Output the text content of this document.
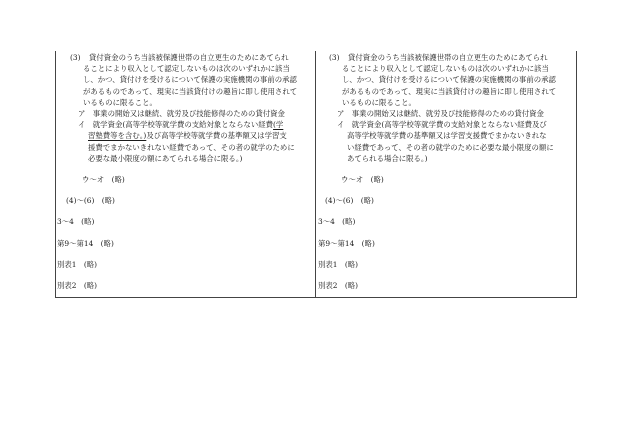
(3) 貸付資金のうち当該被保護世帯の自立更生のためにあてられ
ることにより収入として認定しないものは次のいずれかに該当
し、かつ、貸付けを受けるについて保護の実施機関の事前の承認
があるものであって、現実に当該貸付けの趣旨に即し使用されて
いるものに限ること。
ア　事業の開始又は継続、就労及び技能修得のための貸付資金
イ　就学資金(高等学校等就学費の支給対象とならない経費(学
習塾費等を含む。)及び高等学校等就学費の基準額又は学習支
援費でまかないきれない経費であって、その者の就学のために
必要な最小限度の額にあてられる場合に限る。)
ウ～オ　(略)
(4)～(6)　(略)
3～4　(略)
第9～第14　(略)
別表1　(略)
別表2　(略)
(3) 貸付資金のうち当該被保護世帯の自立更生のためにあてられ
ることにより収入として認定しないものは次のいずれかに該当
し、かつ、貸付けを受けるについて保護の実施機関の事前の承認
があるものであって、現実に当該貸付けの趣旨に即し使用されて
いるものに限ること。
ア　事業の開始又は継続、就労及び技能修得のための貸付資金
イ　就学資金(高等学校等就学費の支給対象とならない経費及び
高等学校等就学費の基準額又は学習支援費でまかないきれな
い経費であって、その者の就学のために必要な最小限度の額に
あてられる場合に限る。)
ウ～オ　(略)
(4)～(6)　(略)
3～4　(略)
第9～第14　(略)
別表1　(略)
別表2　(略)
